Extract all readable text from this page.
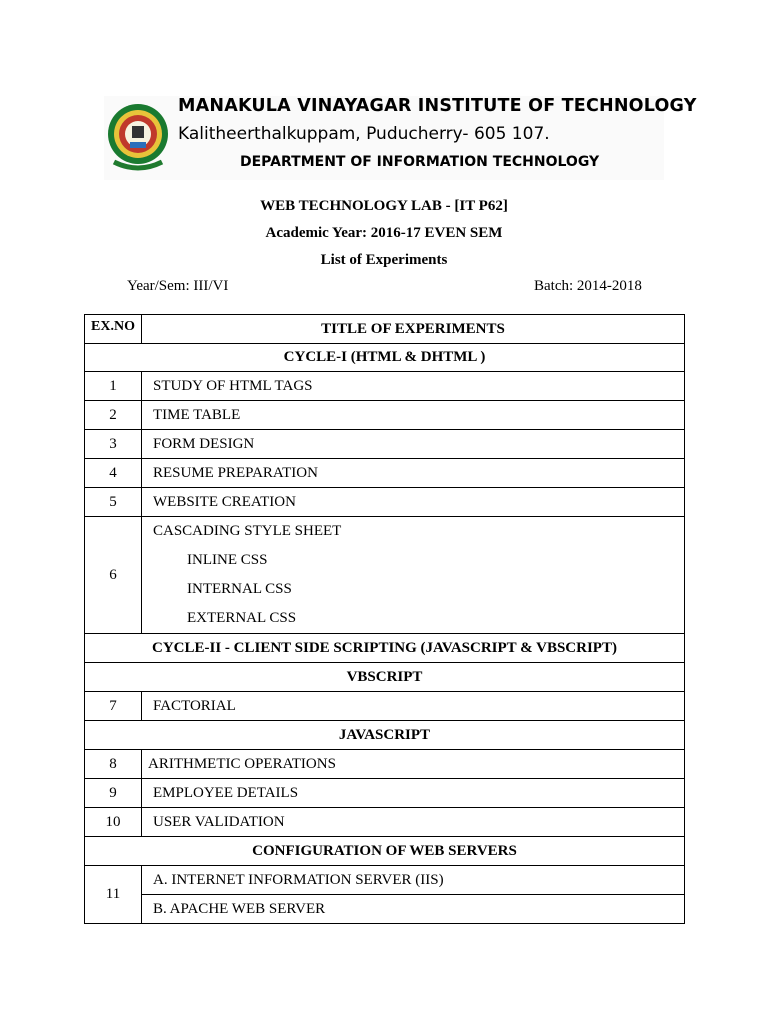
MANAKULA VINAYAGAR INSTITUTE OF TECHNOLOGY
Kalitheerthalkuppam, Puducherry- 605 107.
DEPARTMENT OF INFORMATION TECHNOLOGY
WEB TECHNOLOGY LAB - [IT P62]
Academic Year: 2016-17 EVEN SEM
List of Experiments
Year/Sem: III/VI	Batch: 2014-2018
EX.NO	TITLE OF EXPERIMENTS
CYCLE-I (HTML & DHTML )	
1	STUDY OF HTML TAGS
2	TIME TABLE
3	FORM DESIGN
4	RESUME PREPARATION
5	WEBSITE CREATION
6	CASCADING STYLE SHEET
INLINE CSS
INTERNAL CSS
EXTERNAL CSS

CYCLE-II - CLIENT SIDE SCRIPTING (JAVASCRIPT & VBSCRIPT)	
VBSCRIPT	
7	FACTORIAL
JAVASCRIPT	
8	ARITHMETIC OPERATIONS
9	EMPLOYEE DETAILS
10	USER VALIDATION
CONFIGURATION OF WEB SERVERS	
11	A. INTERNET INFORMATION SERVER (IIS)
	B. APACHE WEB SERVER
